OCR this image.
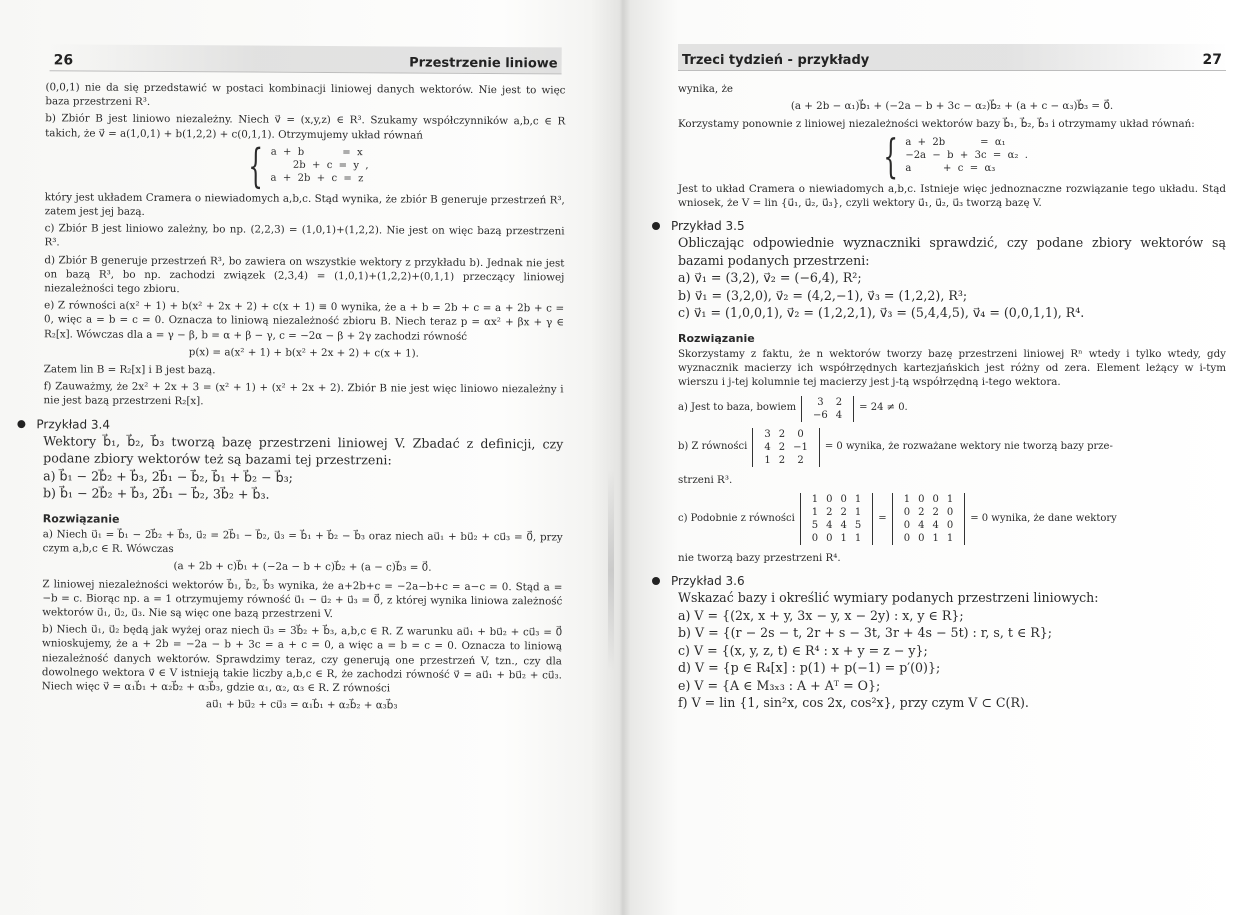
26	Przestrzenie liniowe

(0,0,1) nie da się przedstawić w postaci kombinacji liniowej danych wektorów. Nie jest to więc baza przestrzeni R³.

b) Zbiór B jest liniowo niezależny. Niech v⃗ = (x,y,z) ∈ R³. Szukamy współczynników a,b,c ∈ R takich, że v⃗ = a(1,0,1) + b(1,2,2) + c(0,1,1). Otrzymujemy układ równań

{ a  +  b            =  x
2b  +  c  =  y  ,
a  +  2b  +  c  =  z

który jest układem Cramera o niewiadomych a,b,c. Stąd wynika, że zbiór B generuje przestrzeń R³, zatem jest jej bazą.

c) Zbiór B jest liniowo zależny, bo np. (2,2,3) = (1,0,1)+(1,2,2). Nie jest on więc bazą przestrzeni R³.

d) Zbiór B generuje przestrzeń R³, bo zawiera on wszystkie wektory z przykładu b). Jednak nie jest on bazą R³, bo np. zachodzi związek (2,3,4) = (1,0,1)+(1,2,2)+(0,1,1) przeczący liniowej niezależności tego zbioru.

e) Z równości a(x² + 1) + b(x² + 2x + 2) + c(x + 1) ≡ 0 wynika, że a + b = 2b + c = a + 2b + c = 0, więc a = b = c = 0. Oznacza to liniową niezależność zbioru B. Niech teraz p = αx² + βx + γ ∈ R₂[x]. Wówczas dla a = γ − β, b = α + β − γ, c = −2α − β + 2γ zachodzi równość

p(x) = a(x² + 1) + b(x² + 2x + 2) + c(x + 1).

Zatem lin B = R₂[x] i B jest bazą.

f) Zauważmy, że 2x² + 2x + 3 = (x² + 1) + (x² + 2x + 2). Zbiór B nie jest więc liniowo niezależny i nie jest bazą przestrzeni R₂[x].

Przykład 3.4

Wektory b⃗₁, b⃗₂, b⃗₃ tworzą bazę przestrzeni liniowej V. Zbadać z definicji, czy podane zbiory wektorów też są bazami tej przestrzeni:

a) b⃗₁ − 2b⃗₂ + b⃗₃, 2b⃗₁ − b⃗₂, b⃗₁ + b⃗₂ − b⃗₃;

b) b⃗₁ − 2b⃗₂ + b⃗₃, 2b⃗₁ − b⃗₂, 3b⃗₂ + b⃗₃.

Rozwiązanie

a) Niech u⃗₁ = b⃗₁ − 2b⃗₂ + b⃗₃, u⃗₂ = 2b⃗₁ − b⃗₂, u⃗₃ = b⃗₁ + b⃗₂ − b⃗₃ oraz niech au⃗₁ + bu⃗₂ + cu⃗₃ = 0⃗, przy czym a,b,c ∈ R. Wówczas

(a + 2b + c)b⃗₁ + (−2a − b + c)b⃗₂ + (a − c)b⃗₃ = 0⃗.

Z liniowej niezależności wektorów b⃗₁, b⃗₂, b⃗₃ wynika, że a+2b+c = −2a−b+c = a−c = 0. Stąd a = −b = c. Biorąc np. a = 1 otrzymujemy równość u⃗₁ − u⃗₂ + u⃗₃ = 0⃗, z której wynika liniowa zależność wektorów u⃗₁, u⃗₂, u⃗₃. Nie są więc one bazą przestrzeni V.

b) Niech u⃗₁, u⃗₂ będą jak wyżej oraz niech u⃗₃ = 3b⃗₂ + b⃗₃, a,b,c ∈ R. Z warunku au⃗₁ + bu⃗₂ + cu⃗₃ = 0⃗ wnioskujemy, że a + 2b = −2a − b + 3c = a + c = 0, a więc a = b = c = 0. Oznacza to liniową niezależność danych wektorów. Sprawdzimy teraz, czy generują one przestrzeń V, tzn., czy dla dowolnego wektora v⃗ ∈ V istnieją takie liczby a,b,c ∈ R, że zachodzi równość v⃗ = au⃗₁ + bu⃗₂ + cu⃗₃. Niech więc v⃗ = α₁b⃗₁ + α₂b⃗₂ + α₃b⃗₃, gdzie α₁, α₂, α₃ ∈ R. Z równości

au⃗₁ + bu⃗₂ + cu⃗₃ = α₁b⃗₁ + α₂b⃗₂ + α₃b⃗₃
Trzeci tydzień - przykłady	27

wynika, że

(a + 2b − α₁)b⃗₁ + (−2a − b + 3c − α₂)b⃗₂ + (a + c − α₃)b⃗₃ = 0⃗.

Korzystamy ponownie z liniowej niezależności wektorów bazy b⃗₁, b⃗₂, b⃗₃ i otrzymamy układ równań:

{ a  +  2b           =  α₁
−2a  −  b  +  3c  =  α₂  .
a          +  c  =  α₃

Jest to układ Cramera o niewiadomych a,b,c. Istnieje więc jednoznaczne rozwiązanie tego układu. Stąd wniosek, że V = lin {u⃗₁, u⃗₂, u⃗₃}, czyli wektory u⃗₁, u⃗₂, u⃗₃ tworzą bazę V.

Przykład 3.5

Obliczając odpowiednie wyznaczniki sprawdzić, czy podane zbiory wektorów są bazami podanych przestrzeni:

a) v⃗₁ = (3,2), v⃗₂ = (−6,4), R²;

b) v⃗₁ = (3,2,0), v⃗₂ = (4,2,−1), v⃗₃ = (1,2,2), R³;

c) v⃗₁ = (1,0,0,1), v⃗₂ = (1,2,2,1), v⃗₃ = (5,4,4,5), v⃗₄ = (0,0,1,1), R⁴.

Rozwiązanie

Skorzystamy z faktu, że n wektorów tworzy bazę przestrzeni liniowej Rⁿ wtedy i tylko wtedy, gdy wyznacznik macierzy ich współrzędnych kartezjańskich jest różny od zera. Element leżący w i-tym wierszu i j-tej kolumnie tej macierzy jest j-tą współrzędną i-tego wektora.

a) Jest to baza, bowiem
3	2
−6	4
= 24 ≠ 0.
b) Z równości
3	2	0
4	2	−1
1	2	2
= 0 wynika, że rozważane wektory nie tworzą bazy prze-

strzeni R³.

c) Podobnie z równości
1	0	0	1
1	2	2	1
5	4	4	5
0	0	1	1
=
1	0	0	1
0	2	2	0
0	4	4	0
0	0	1	1
= 0 wynika, że dane wektory

nie tworzą bazy przestrzeni R⁴.

Przykład 3.6

Wskazać bazy i określić wymiary podanych przestrzeni liniowych:

a) V = {(2x, x + y, 3x − y, x − 2y) : x, y ∈ R};

b) V = {(r − 2s − t, 2r + s − 3t, 3r + 4s − 5t) : r, s, t ∈ R};

c) V = {(x, y, z, t) ∈ R⁴ : x + y = z − y};

d) V = {p ∈ R₄[x] : p(1) + p(−1) = p′(0)};

e) V = {A ∈ M₃ₓ₃ : A + Aᵀ = O};

f) V = lin {1, sin²x, cos 2x, cos²x}, przy czym V ⊂ C(R).
